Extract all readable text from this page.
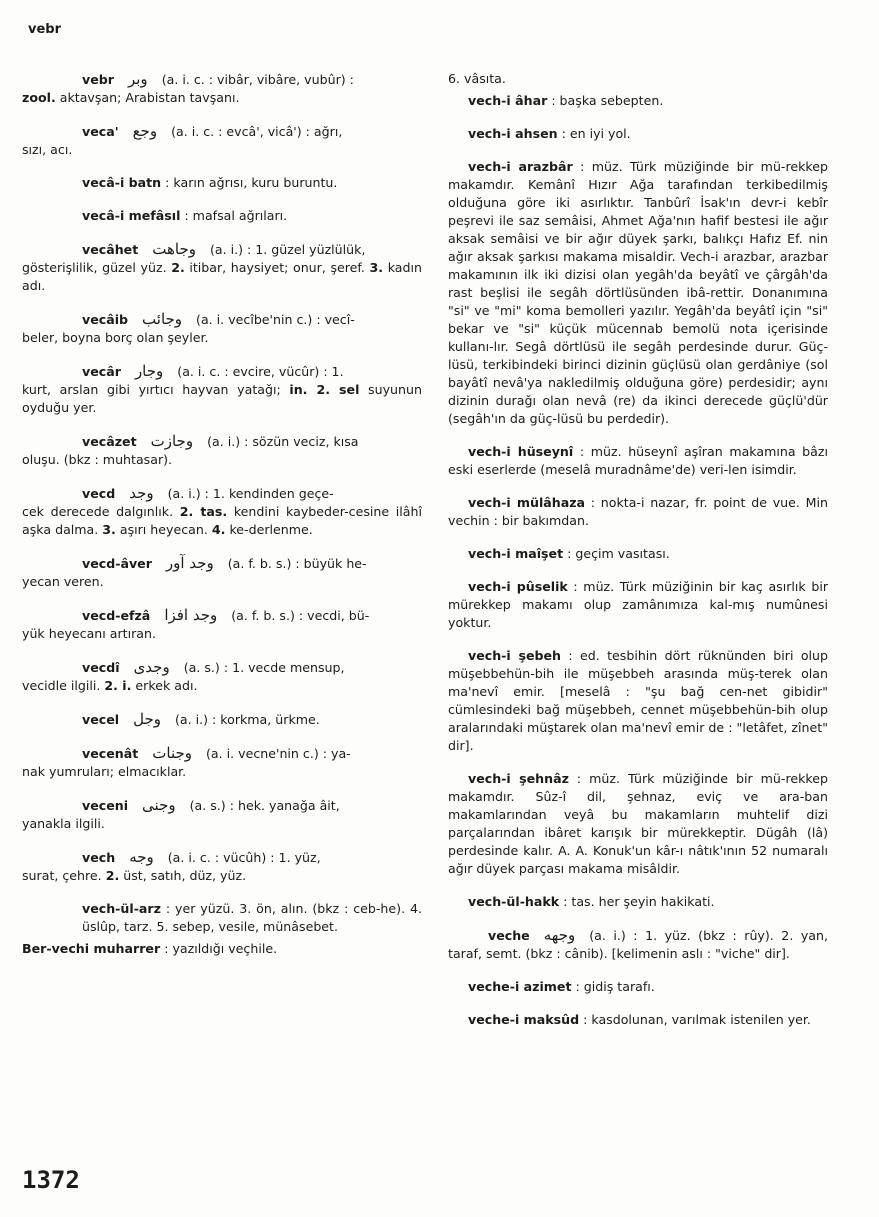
vebr
vebr وبر (a. i. c. : vibâr, vibâre, vubûr) :
zool. aktavşan; Arabistan tavşanı.
veca' وجع (a. i. c. : evcâ', vicâ') : ağrı,
sızı, acı.
vecâ-i batn : karın ağrısı, kuru buruntu.
vecâ-i mefâsıl : mafsal ağrıları.
vecâhet وجاهت (a. i.) : 1. güzel yüzlülük,
gösterişlilik, güzel yüz. 2. itibar, haysiyet; onur, şeref. 3. kadın adı.
vecâib وجائب (a. i. vecîbe'nin c.) : vecî-
beler, boyna borç olan şeyler.
vecâr وجار (a. i. c. : evcire, vücûr) : 1.
kurt, arslan gibi yırtıcı hayvan yatağı; in. 2. sel suyunun oyduğu yer.
vecâzet وجازت (a. i.) : sözün veciz, kısa
oluşu. (bkz : muhtasar).
vecd وجد (a. i.) : 1. kendinden geçe-
cek derecede dalgınlık. 2. tas. kendini kaybeder-cesine ilâhî aşka dalma. 3. aşırı heyecan. 4. ke-derlenme.
vecd-âver وجد آور (a. f. b. s.) : büyük he-
yecan veren.
vecd-efzâ وجد افزا (a. f. b. s.) : vecdi, bü-
yük heyecanı artıran.
vecdî وجدى (a. s.) : 1. vecde mensup,
vecidle ilgili. 2. i. erkek adı.
vecel وجل (a. i.) : korkma, ürkme.
vecenât وجنات (a. i. vecne'nin c.) : ya-
nak yumruları; elmacıklar.
veceni وجنى (a. s.) : hek. yanağa âit,
yanakla ilgili.
vech وجه (a. i. c. : vücûh) : 1. yüz,
surat, çehre. 2. üst, satıh, düz, yüz.
vech-ül-arz : yer yüzü. 3. ön, alın. (bkz : ceb-he). 4. üslûp, tarz. 5. sebep, vesile, münâsebet.
Ber-vechi muharrer : yazıldığı veçhile.
6. vâsıta.
vech-i âhar : başka sebepten.
vech-i ahsen : en iyi yol.
vech-i arazbâr : müz. Türk müziğinde bir mü-rekkep makamdır. Kemânî Hızır Ağa tarafından terkibedilmiş olduğuna göre iki asırlıktır. Tanbûrî İsak'ın devr-i kebîr peşrevi ile saz semâisi, Ahmet Ağa'nın hafif bestesi ile ağır aksak semâisi ve bir ağır düyek şarkı, balıkçı Hafız Ef. nin ağır aksak şarkısı makama misaldir. Vech-i arazbar, arazbar makamının ilk iki dizisi olan yegâh'da beyâtî ve çârgâh'da rast beşlisi ile segâh dörtlüsünden ibâ-rettir. Donanımına "si" ve "mi" koma bemolleri yazılır. Yegâh'da beyâtî için "si" bekar ve "si" küçük mücennab bemolü nota içerisinde kullanı-lır. Segâ dörtlüsü ile segâh perdesinde durur. Güç-lüsü, terkibindeki birinci dizinin güçlüsü olan gerdâniye (sol bayâtî nevâ'ya nakledilmiş olduğuna göre) perdesidir; aynı dizinin durağı olan nevâ (re) da ikinci derecede güçlü'dür (segâh'ın da güç-lüsü bu perdedir).
vech-i hüseynî : müz. hüseynî aşîran makamına bâzı eski eserlerde (meselâ muradnâme'de) veri-len isimdir.
vech-i mülâhaza : nokta-i nazar, fr. point de vue. Min vechin : bir bakımdan.
vech-i maîşet : geçim vasıtası.
vech-i pûselik : müz. Türk müziğinin bir kaç asırlık bir mürekkep makamı olup zamânımıza kal-mış numûnesi yoktur.
vech-i şebeh : ed. tesbihin dört rüknünden biri olup müşebbehün-bih ile müşebbeh arasında müş-terek olan ma'nevî emir. [meselâ : "şu bağ cen-net gibidir" cümlesindeki bağ müşebbeh, cennet müşebbehün-bih olup aralarındaki müştarek olan ma'nevî emir de : "letâfet, zînet" dir].
vech-i şehnâz : müz. Türk müziğinde bir mü-rekkep makamdır. Sûz-î dil, şehnaz, eviç ve ara-ban makamlarından veyâ bu makamların muhtelif dizi parçalarından ibâret karışık bir mürekkeptir. Dügâh (lâ) perdesinde kalır. A. A. Konuk'un kâr-ı nâtık'ının 52 numaralı ağır düyek parçası makama misâldir.
vech-ül-hakk : tas. her şeyin hakikati.
veche وجهه (a. i.) : 1. yüz. (bkz : rûy). 2. yan, taraf, semt. (bkz : cânib). [kelimenin aslı : "viche" dir].
veche-i azimet : gidiş tarafı.
veche-i maksûd : kasdolunan, varılmak istenilen yer.
1372
